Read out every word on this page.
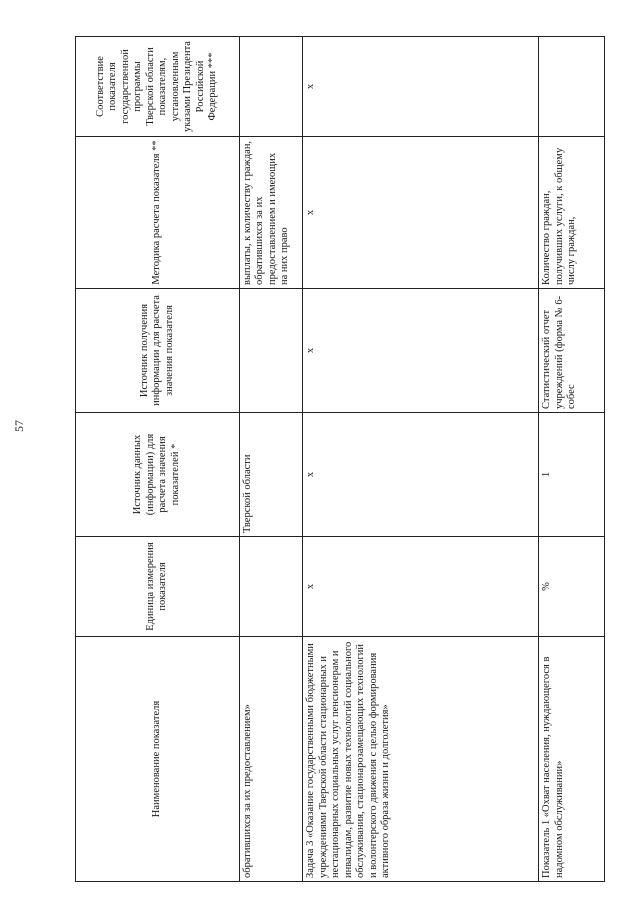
57
Наименование показателя	Единица измерения показателя	Источник данных (информации) для расчета значения показателей *	Источник получения информации для расчета значения показателя	Методика расчета показателя **	Соответствие показателя государственной программы Тверской области показателям, установленным указами Президента Российской Федерации ***
обратившихся за их предоставлением»		Тверской области		выплаты, к количеству граждан, обратившихся за их предоставлением и имеющих на них право	
Задача 3 «Оказание государственными бюджетными учреждениями Тверской области стационарных и нестационарных социальных услуг пенсионерам и инвалидам, развитие новых технологий социального обслуживания, стационарозамещающих технологий и волонтерского движения с целью формирования активного образа жизни и долголетия»	х	х	х	х	х
Показатель 1 «Охват населения, нуждающегося в надомном обслуживании»	%	1	Статистический отчет учреждений (форма № 6-собес	Количество граждан, получивших услуги, к общему числу граждан,	
